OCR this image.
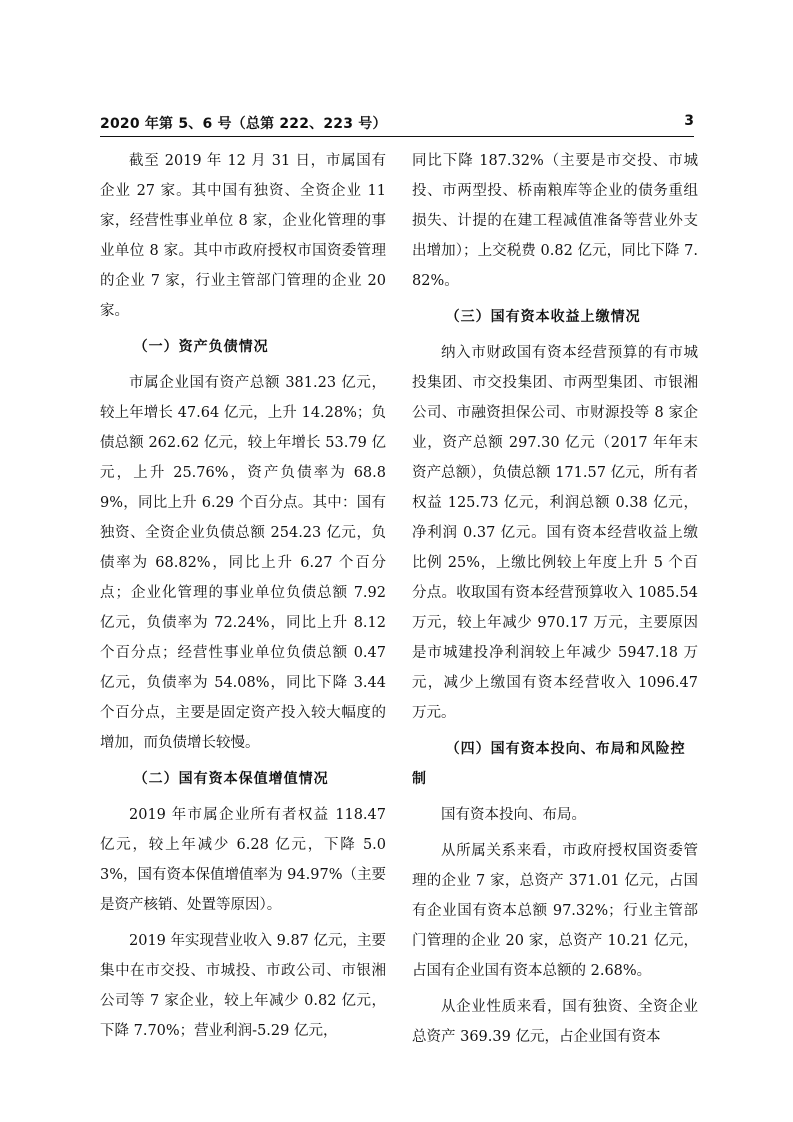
2020 年第 5、6 号（总第 222、223 号）	3

截至 2019 年 12 月 31 日，市属国有企业 27 家。其中国有独资、全资企业 11 家，经营性事业单位 8 家，企业化管理的事业单位 8 家。其中市政府授权市国资委管理的企业 7 家，行业主管部门管理的企业 20 家。

（一）资产负债情况

市属企业国有资产总额 381.23 亿元，较上年增长 47.64 亿元，上升 14.28%；负债总额 262.62 亿元，较上年增长 53.79 亿元，上升 25.76%，资产负债率为 68.89%，同比上升 6.29 个百分点。其中：国有独资、全资企业负债总额 254.23 亿元，负债率为 68.82%，同比上升 6.27 个百分点；企业化管理的事业单位负债总额 7.92 亿元，负债率为 72.24%，同比上升 8.12 个百分点；经营性事业单位负债总额 0.47 亿元，负债率为 54.08%，同比下降 3.44 个百分点，主要是固定资产投入较大幅度的增加，而负债增长较慢。

（二）国有资本保值增值情况

2019 年市属企业所有者权益 118.47 亿元，较上年减少 6.28 亿元，下降 5.03%，国有资本保值增值率为 94.97%（主要是资产核销、处置等原因）。

2019 年实现营业收入 9.87 亿元，主要集中在市交投、市城投、市政公司、市银湘公司等 7 家企业，较上年减少 0.82 亿元，下降 7.70%；营业利润-5.29 亿元，

同比下降 187.32%（主要是市交投、市城投、市两型投、桥南粮库等企业的债务重组损失、计提的在建工程减值准备等营业外支出增加）；上交税费 0.82 亿元，同比下降 7.82%。

（三）国有资本收益上缴情况

纳入市财政国有资本经营预算的有市城投集团、市交投集团、市两型集团、市银湘公司、市融资担保公司、市财源投等 8 家企业，资产总额 297.30 亿元（2017 年年末资产总额），负债总额 171.57 亿元，所有者权益 125.73 亿元，利润总额 0.38 亿元，净利润 0.37 亿元。国有资本经营收益上缴比例 25%，上缴比例较上年度上升 5 个百分点。收取国有资本经营预算收入 1085.54 万元，较上年减少 970.17 万元，主要原因是市城建投净利润较上年减少 5947.18 万元，减少上缴国有资本经营收入 1096.47 万元。

（四）国有资本投向、布局和风险控制

国有资本投向、布局。

从所属关系来看，市政府授权国资委管理的企业 7 家，总资产 371.01 亿元，占国有企业国有资本总额 97.32%；行业主管部门管理的企业 20 家，总资产 10.21 亿元，占国有企业国有资本总额的 2.68%。

从企业性质来看，国有独资、全资企业总资产 369.39 亿元，占企业国有资本
